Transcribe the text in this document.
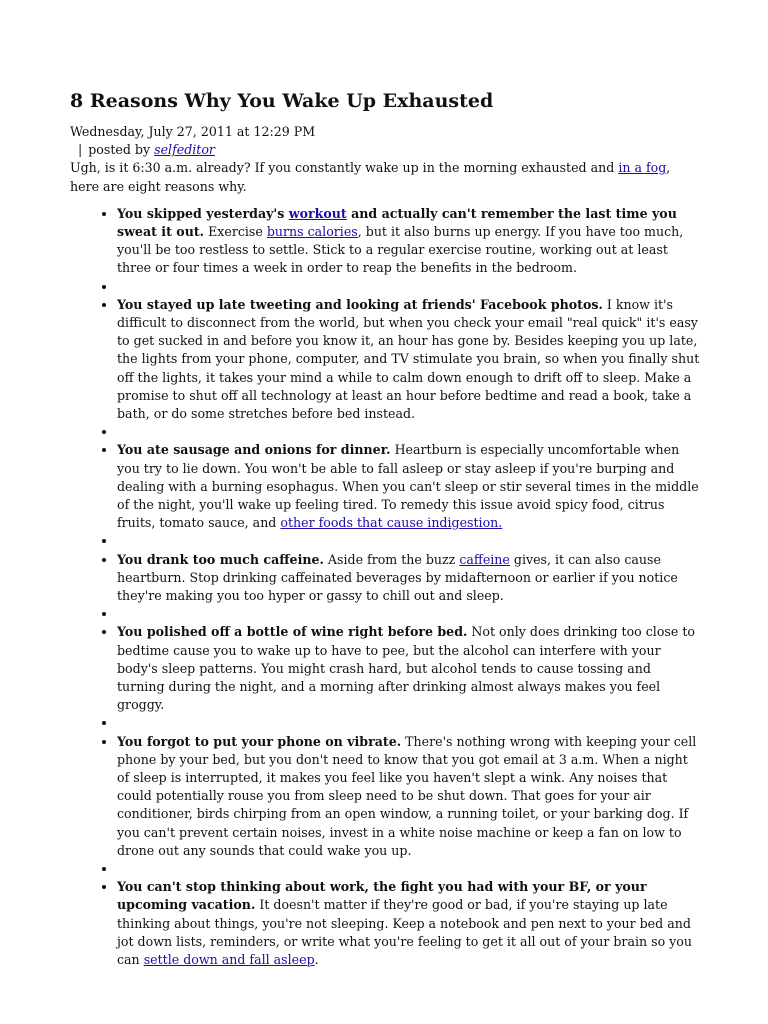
8 Reasons Why You Wake Up Exhausted
Wednesday, July 27, 2011 at 12:29 PM
| posted by selfeditor

Ugh, is it 6:30 a.m. already? If you constantly wake up in the morning exhausted and in a fog, here are eight reasons why.

• You skipped yesterday's workout and actually can't remember the last time you sweat it out. Exercise burns calories, but it also burns up energy. If you have too much, you'll be too restless to settle. Stick to a regular exercise routine, working out at least three or four times a week in order to reap the benefits in the bedroom.
•
• You stayed up late tweeting and looking at friends' Facebook photos. I know it's difficult to disconnect from the world, but when you check your email "real quick" it's easy to get sucked in and before you know it, an hour has gone by. Besides keeping you up late, the lights from your phone, computer, and TV stimulate you brain, so when you finally shut off the lights, it takes your mind a while to calm down enough to drift off to sleep. Make a promise to shut off all technology at least an hour before bedtime and read a book, take a bath, or do some stretches before bed instead.
•
• You ate sausage and onions for dinner. Heartburn is especially uncomfortable when you try to lie down. You won't be able to fall asleep or stay asleep if you're burping and dealing with a burning esophagus. When you can't sleep or stir several times in the middle of the night, you'll wake up feeling tired. To remedy this issue avoid spicy food, citrus fruits, tomato sauce, and other foods that cause indigestion.
•
• You drank too much caffeine. Aside from the buzz caffeine gives, it can also cause heartburn. Stop drinking caffeinated beverages by midafternoon or earlier if you notice they're making you too hyper or gassy to chill out and sleep.
•
• You polished off a bottle of wine right before bed. Not only does drinking too close to bedtime cause you to wake up to have to pee, but the alcohol can interfere with your body's sleep patterns. You might crash hard, but alcohol tends to cause tossing and turning during the night, and a morning after drinking almost always makes you feel groggy.
•
• You forgot to put your phone on vibrate. There's nothing wrong with keeping your cell phone by your bed, but you don't need to know that you got email at 3 a.m. When a night of sleep is interrupted, it makes you feel like you haven't slept a wink. Any noises that could potentially rouse you from sleep need to be shut down. That goes for your air conditioner, birds chirping from an open window, a running toilet, or your barking dog. If you can't prevent certain noises, invest in a white noise machine or keep a fan on low to drone out any sounds that could wake you up.
•
• You can't stop thinking about work, the fight you had with your BF, or your upcoming vacation. It doesn't matter if they're good or bad, if you're staying up late thinking about things, you're not sleeping. Keep a notebook and pen next to your bed and jot down lists, reminders, or write what you're feeling to get it all out of your brain so you can settle down and fall asleep.
